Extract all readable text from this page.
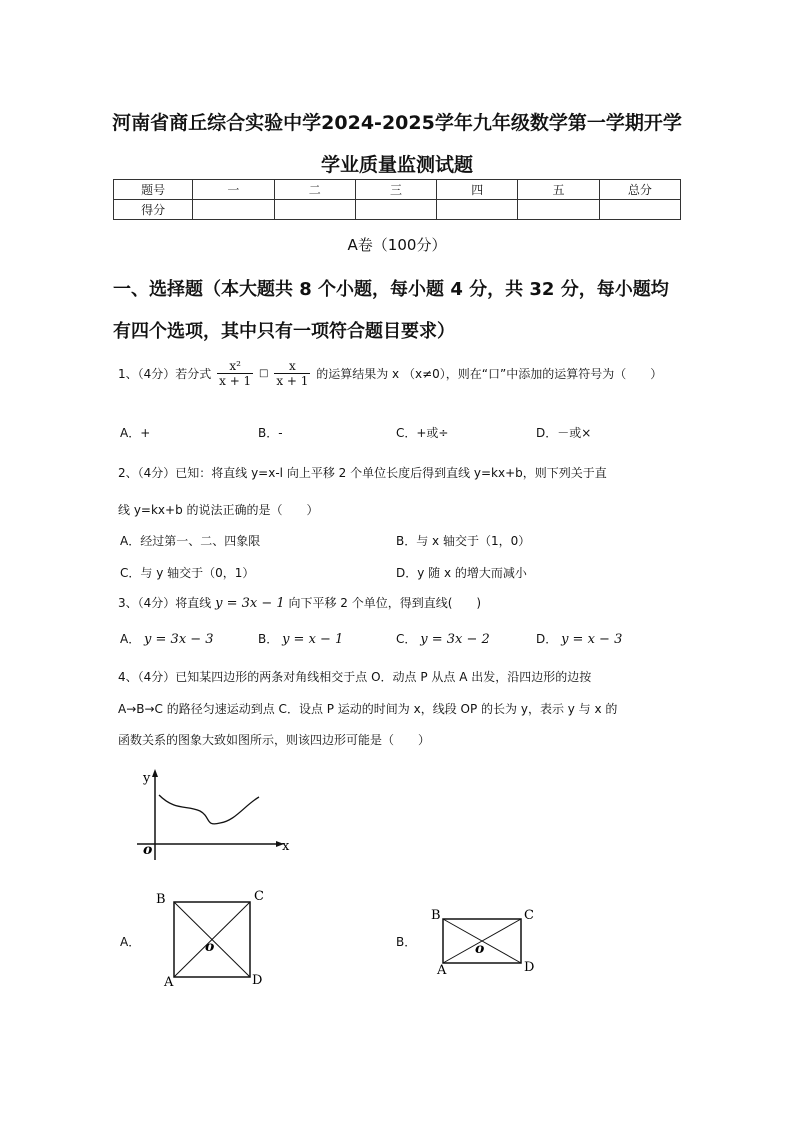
河南省商丘综合实验中学2024-2025学年九年级数学第一学期开学
学业质量监测试题
题号	一	二	三	四	五	总分
得分						
A卷（100分）
一、选择题（本大题共 8 个小题，每小题 4 分，共 32 分，每小题均
有四个选项，其中只有一项符合题目要求）
1、（4分）若分式 $\frac{\text{x²}}{x + 1}$ □ $\frac{x}{x + 1}$ 的运算结果为 x （x≠0），则在“口”中添加的运算符号为（　　）
A．+	B．-	C．+或÷	D．－或×
2、（4分）已知：将直线 y=x-l 向上平移 2 个单位长度后得到直线 y=kx+b，则下列关于直
线 y=kx+b 的说法正确的是（　　）
A．经过第一、二、四象限	B．与 x 轴交于（1，0）
C．与 y 轴交于（0，1）	D．y 随 x 的增大而减小
3、（4分）将直线 y = 3x − 1 向下平移 2 个单位，得到直线(　　)
A． y = 3x − 3	B． y = x − 1	C． y = 3x − 2	D． y = x − 3
4、（4分）已知某四边形的两条对角线相交于点 O．动点 P 从点 A 出发，沿四边形的边按
A→B→C 的路径匀速运动到点 C．设点 P 运动的时间为 x，线段 OP 的长为 y，表示 y 与 x 的
函数关系的图象大致如图所示，则该四边形可能是（　　）
y
x
o
A．
B	C
A	D
o	B．
B	C
A	D
o
